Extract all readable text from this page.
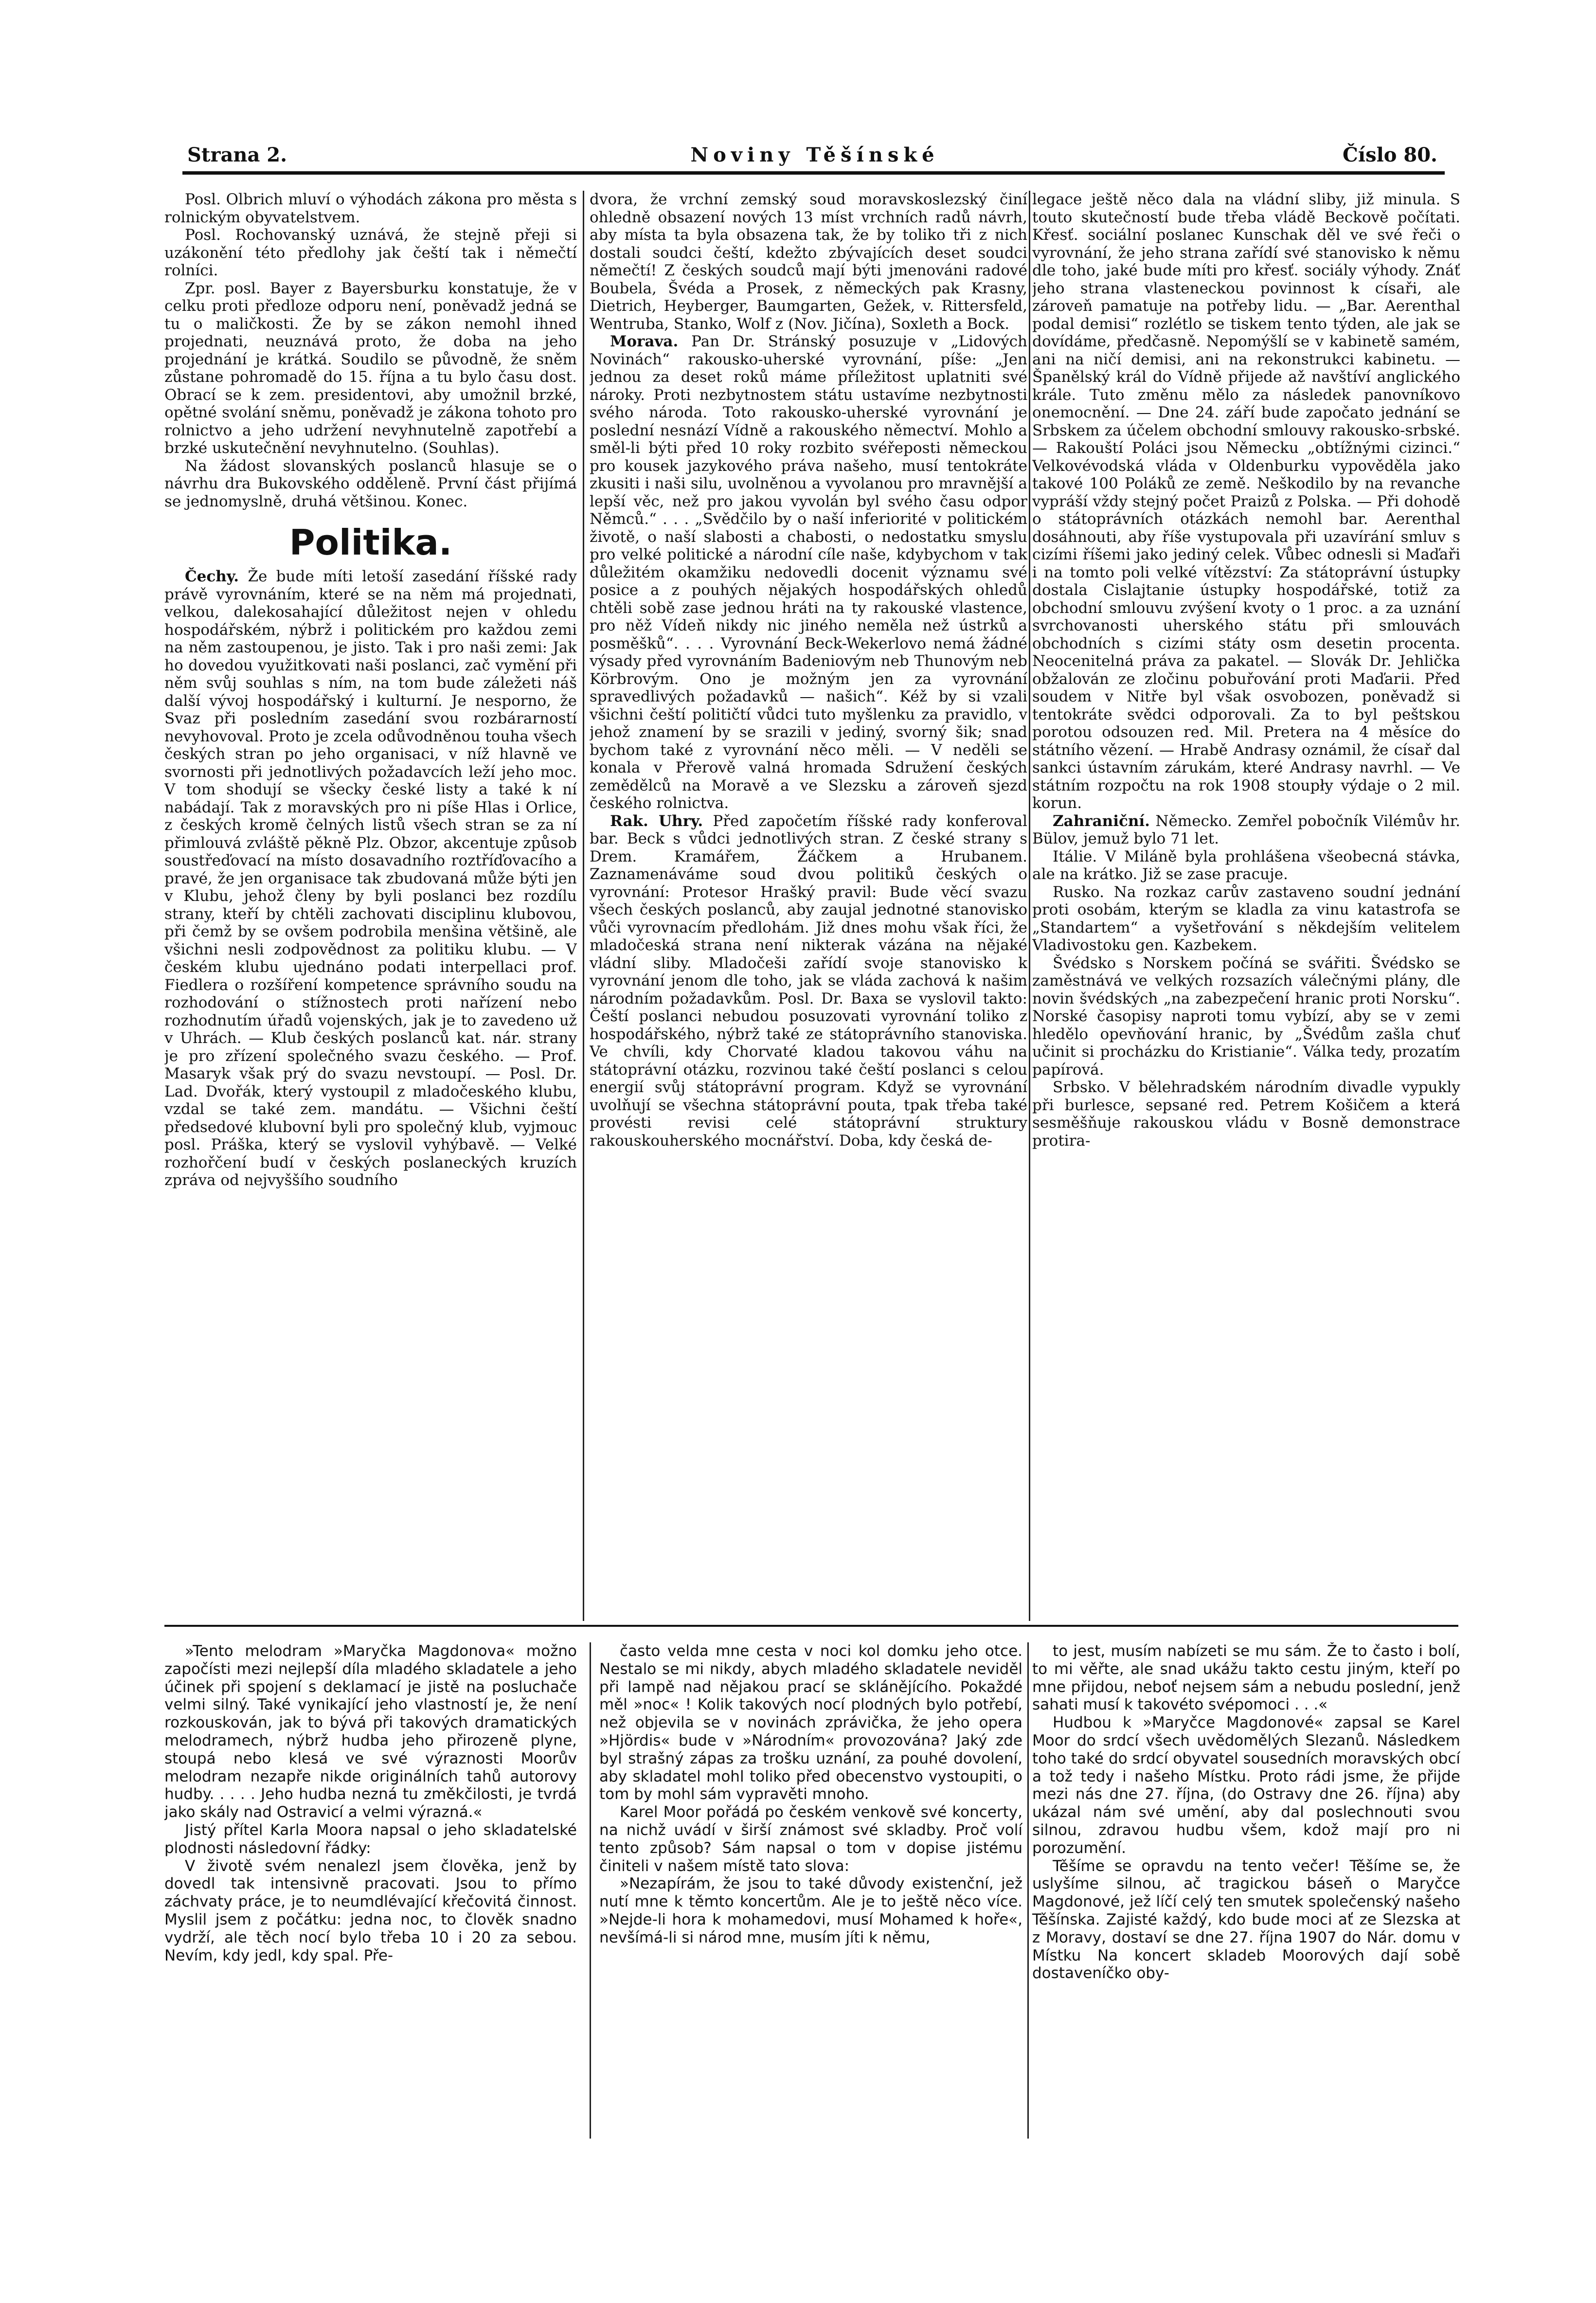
Strana 2.	Noviny Těšínské	Číslo 80.

Posl. Olbrich mluví o výhodách zákona pro města s rolnickým obyvatelstvem.

Posl. Rochovanský uznává, že stejně přeji si uzákonění této předlohy jak čeští tak i němečtí rolníci.

Zpr. posl. Bayer z Bayersburku konstatuje, že v celku proti předloze odporu není, poněvadž jedná se tu o maličkosti. Že by se zákon nemohl ihned projednati, neuznává proto, že doba na jeho projednání je krátká. Soudilo se původně, že sněm zůstane pohromadě do 15. října a tu bylo času dost. Obrací se k zem. presidentovi, aby umožnil brzké, opětné svolání sněmu, poněvadž je zákona tohoto pro rolnictvo a jeho udržení nevyhnutelně zapotřebí a brzké uskutečnění nevyhnutelno. (Souhlas).

Na žádost slovanských poslanců hlasuje se o návrhu dra Bukovského odděleně. První část přijímá se jednomyslně, druhá většinou. Konec.

Politika.

Čechy. Že bude míti letoší zasedání říšské rady právě vyrovnáním, které se na něm má projednati, velkou, dalekosahající důležitost nejen v ohledu hospodářském, nýbrž i politickém pro každou zemi na něm zastoupenou, je jisto. Tak i pro naši zemi: Jak ho dovedou využitkovati naši poslanci, zač vymění při něm svůj souhlas s ním, na tom bude záležeti náš další vývoj hospodářský i kulturní. Je nesporno, že Svaz při posledním zasedání svou rozbárarností nevyhovoval. Proto je zcela odůvodněnou touha všech českých stran po jeho organisaci, v níž hlavně ve svornosti při jednotlivých požadavcích leží jeho moc. V tom shodují se všecky české listy a také k ní nabádají. Tak z moravských pro ni píše Hlas i Orlice, z českých kromě čelných listů všech stran se za ní přimlouvá zvláště pěkně Plz. Obzor, akcentuje způsob soustřeďovací na místo dosavadního roztříďovacího a pravé, že jen organisace tak zbudovaná může býti jen v Klubu, jehož členy by byli poslanci bez rozdílu strany, kteří by chtěli zachovati disciplinu klubovou, při čemž by se ovšem podrobila menšina většině, ale všichni nesli zodpovědnost za politiku klubu. — V českém klubu ujednáno podati interpellaci prof. Fiedlera o rozšíření kompetence správního soudu na rozhodování o stížnostech proti nařízení nebo rozhodnutím úřadů vojenských, jak je to zavedeno už v Uhrách. — Klub českých poslanců kat. nár. strany je pro zřízení společného svazu českého. — Prof. Masaryk však prý do svazu nevstoupí. — Posl. Dr. Lad. Dvořák, který vystoupil z mladočeského klubu, vzdal se také zem. mandátu. — Všichni čeští předsedové klubovní byli pro společný klub, vyjmouc posl. Práška, který se vyslovil vyhýbavě. — Velké rozhořčení budí v českých poslaneckých kruzích zpráva od nejvyššího soudního

dvora, že vrchní zemský soud moravskoslezský činí ohledně obsazení nových 13 míst vrchních radů návrh, aby místa ta byla obsazena tak, že by toliko tři z nich dostali soudci čeští, kdežto zbývajících deset soudci němečtí! Z českých soudců mají býti jmenováni radové Boubela, Švéda a Prosek, z německých pak Krasny, Dietrich, Heyberger, Baumgarten, Gežek, v. Rittersfeld, Wentruba, Stanko, Wolf z (Nov. Jičína), Soxleth a Bock.

Morava. Pan Dr. Stránský posuzuje v „Lidových Novinách“ rakousko-uherské vyrovnání, píše: „Jen jednou za deset roků máme příležitost uplatniti své nároky. Proti nezbytnostem státu ustavíme nezbytnosti svého národa. Toto rakousko-uherské vyrovnání je poslední nesnází Vídně a rakouského němectví. Mohlo a směl-li býti před 10 roky rozbito svéřeposti německou pro kousek jazykového práva našeho, musí tentokráte zkusiti i naši silu, uvolněnou a vyvolanou pro mravnější a lepší věc, než pro jakou vyvolán byl svého času odpor Němců.“ . . . „Svědčilo by o naší inferiorité v politickém životě, o naší slabosti a chabosti, o nedostatku smyslu pro velké politické a národní cíle naše, kdybychom v tak důležitém okamžiku nedovedli docenit významu své posice a z pouhých nějakých hospodářských ohledů chtěli sobě zase jednou hráti na ty rakouské vlastence, pro něž Vídeň nikdy nic jiného neměla než ústrků a posměšků“. . . . Vyrovnání Beck-Wekerlovo nemá žádné výsady před vyrovnáním Badeniovým neb Thunovým neb Körbrovým. Ono je možným jen za vyrovnání spravedlivých požadavků — našich“. Kéž by si vzali všichni čeští političtí vůdci tuto myšlenku za pravidlo, v jehož znamení by se srazili v jediný, svorný šik; snad bychom také z vyrovnání něco měli. — V neděli se konala v Přerově valná hromada Sdružení českých zemědělců na Moravě a ve Slezsku a zároveň sjezd českého rolnictva.

Rak. Uhry. Před započetím říšské rady konferoval bar. Beck s vůdci jednotlivých stran. Z české strany s Drem. Kramářem, Žáčkem a Hrubanem. Zaznamenáváme soud dvou politiků českých o vyrovnání: Protesor Hrašký pravil: Bude věcí svazu všech českých poslanců, aby zaujal jednotné stanovisko vůči vyrovnacím předlohám. Již dnes mohu však říci, že mladočeská strana není nikterak vázána na nějaké vládní sliby. Mladočeši zařídí svoje stanovisko k vyrovnání jenom dle toho, jak se vláda zachová k našim národním požadavkům. Posl. Dr. Baxa se vyslovil takto: Čeští poslanci nebudou posuzovati vyrovnání toliko z hospodářského, nýbrž také ze státoprávního stanoviska. Ve chvíli, kdy Chorvaté kladou takovou váhu na státoprávní otázku, rozvinou také čeští poslanci s celou energií svůj státoprávní program. Když se vyrovnání uvolňují se všechna státoprávní pouta, tpak třeba také provésti revisi celé státoprávní struktury rakouskouherského mocnářství. Doba, kdy česká de-

legace ještě něco dala na vládní sliby, již minula. S touto skutečností bude třeba vládě Beckově počítati. Křesť. sociální poslanec Kunschak děl ve své řeči o vyrovnání, že jeho strana zařídí své stanovisko k němu dle toho, jaké bude míti pro křesť. sociály výhody. Znáť jeho strana vlasteneckou povinnost k císaři, ale zároveň pamatuje na potřeby lidu. — „Bar. Aerenthal podal demisi“ rozlétlo se tiskem tento týden, ale jak se dovídáme, předčasně. Nepomýšlí se v kabinetě samém, ani na ničí demisi, ani na rekonstrukci kabinetu. — Španělský král do Vídně přijede až navštíví anglického krále. Tuto změnu mělo za následek panovníkovo onemocnění. — Dne 24. září bude započato jednání se Srbskem za účelem obchodní smlouvy rakousko-srbské. — Rakouští Poláci jsou Německu „obtížnými cizinci.“ Velkovévodská vláda v Oldenburku vypověděla jako takové 100 Poláků ze země. Neškodilo by na revanche vypráší vždy stejný počet Praizů z Polska. — Při dohodě o státoprávních otázkách nemohl bar. Aerenthal dosáhnouti, aby říše vystupovala při uzavírání smluv s cizími říšemi jako jediný celek. Vůbec odnesli si Maďaři i na tomto poli velké vítězství: Za státoprávní ústupky dostala Cislajtanie ústupky hospodářské, totiž za obchodní smlouvu zvýšení kvoty o 1 proc. a za uznání svrchovanosti uherského státu při smlouvách obchodních s cizími státy osm desetin procenta. Neocenitelná práva za pakatel. — Slovák Dr. Jehlička obžalován ze zločinu pobuřování proti Maďarii. Před soudem v Nitře byl však osvobozen, poněvadž si tentokráte svědci odporovali. Za to byl peštskou porotou odsouzen red. Mil. Pretera na 4 měsíce do státního vězení. — Hrabě Andrasy oznámil, že císař dal sankci ústavním zárukám, které Andrasy navrhl. — Ve státním rozpočtu na rok 1908 stoupły výdaje o 2 mil. korun.

Zahraniční. Německo. Zemřel pobočník Vilémův hr. Bülov, jemuž bylo 71 let.

Itálie. V Miláně byla prohlášena všeobecná stávka, ale na krátko. Již se zase pracuje.

Rusko. Na rozkaz carův zastaveno soudní jednání proti osobám, kterým se kladla za vinu katastrofa se „Standartem“ a vyšetřování s někdejším velitelem Vladivostoku gen. Kazbekem.

Švédsko s Norskem počíná se svářiti. Švédsko se zaměstnává ve velkých rozsazích válečnými plány, dle novin švédských „na zabezpečení hranic proti Norsku“. Norské časopisy naproti tomu vybízí, aby se v zemi hledělo opevňování hranic, by „Švédům zašla chuť učinit si procházku do Kristianie“. Válka tedy, prozatím papírová.

Srbsko. V bělehradském národním divadle vypukly při burlesce, sepsané red. Petrem Košičem a která sesměšňuje rakouskou vládu v Bosně demonstrace protira-

»Tento melodram »Maryčka Magdonova« možno započísti mezi nejlepší díla mladého skladatele a jeho účinek při spojení s deklamací je jistě na posluchače velmi silný. Také vynikající jeho vlastností je, že není rozkouskován, jak to bývá při takových dramatických melodramech, nýbrž hudba jeho přirozeně plyne, stoupá nebo klesá ve své výraznosti Moorův melodram nezapře nikde originálních tahů autorovy hudby. . . . . Jeho hudba nezná tu změkčilosti, je tvrdá jako skály nad Ostravicí a velmi výrazná.«

Jistý přítel Karla Moora napsal o jeho skladatelské plodnosti následovní řádky:

V životě svém nenalezl jsem člověka, jenž by dovedl tak intensivně pracovati. Jsou to přímo záchvaty práce, je to neumdlévající křečovitá činnost. Myslil jsem z počátku: jedna noc, to člověk snadno vydrží, ale těch nocí bylo třeba 10 i 20 za sebou. Nevím, kdy jedl, kdy spal. Pře-

často velda mne cesta v noci kol domku jeho otce. Nestalo se mi nikdy, abych mladého skladatele neviděl při lampě nad nějakou prací se sklánějícího. Pokaždé měl »noc« ! Kolik takových nocí plodných bylo potřebí, než objevila se v novinách zprávička, že jeho opera »Hjördis« bude v »Národním« provozována? Jaký zde byl strašný zápas za trošku uznání, za pouhé dovolení, aby skladatel mohl toliko před obecenstvo vystoupiti, o tom by mohl sám vypravěti mnoho.

Karel Moor pořádá po českém venkově své koncerty, na nichž uvádí v širší známost své skladby. Proč volí tento způsob? Sám napsal o tom v dopise jistému činiteli v našem místě tato slova:

»Nezapírám, že jsou to také důvody existenční, jež nutí mne k těmto koncertům. Ale je to ještě něco více. »Nejde-li hora k mohamedovi, musí Mohamed k hoře«, nevšímá-li si národ mne, musím jíti k němu,

to jest, musím nabízeti se mu sám. Že to často i bolí, to mi věřte, ale snad ukážu takto cestu jiným, kteří po mne přijdou, neboť nejsem sám a nebudu poslední, jenž sahati musí k takovéto svépomoci . . .«

Hudbou k »Maryčce Magdonové« zapsal se Karel Moor do srdcí všech uvědomělých Slezanů. Následkem toho také do srdcí obyvatel sousedních moravských obcí a tož tedy i našeho Místku. Proto rádi jsme, že přijde mezi nás dne 27. října, (do Ostravy dne 26. října) aby ukázal nám své umění, aby dal poslechnouti svou silnou, zdravou hudbu všem, kdož mají pro ni porozumění.

Těšíme se opravdu na tento večer! Těšíme se, že uslyšíme silnou, ač tragickou báseň o Maryčce Magdonové, jež líčí celý ten smutek společenský našeho Těšínska. Zajisté každý, kdo bude moci ať ze Slezska at z Moravy, dostaví se dne 27. října 1907 do Nár. domu v Místku Na koncert skladeb Moorových dají sobě dostaveníčko oby-
